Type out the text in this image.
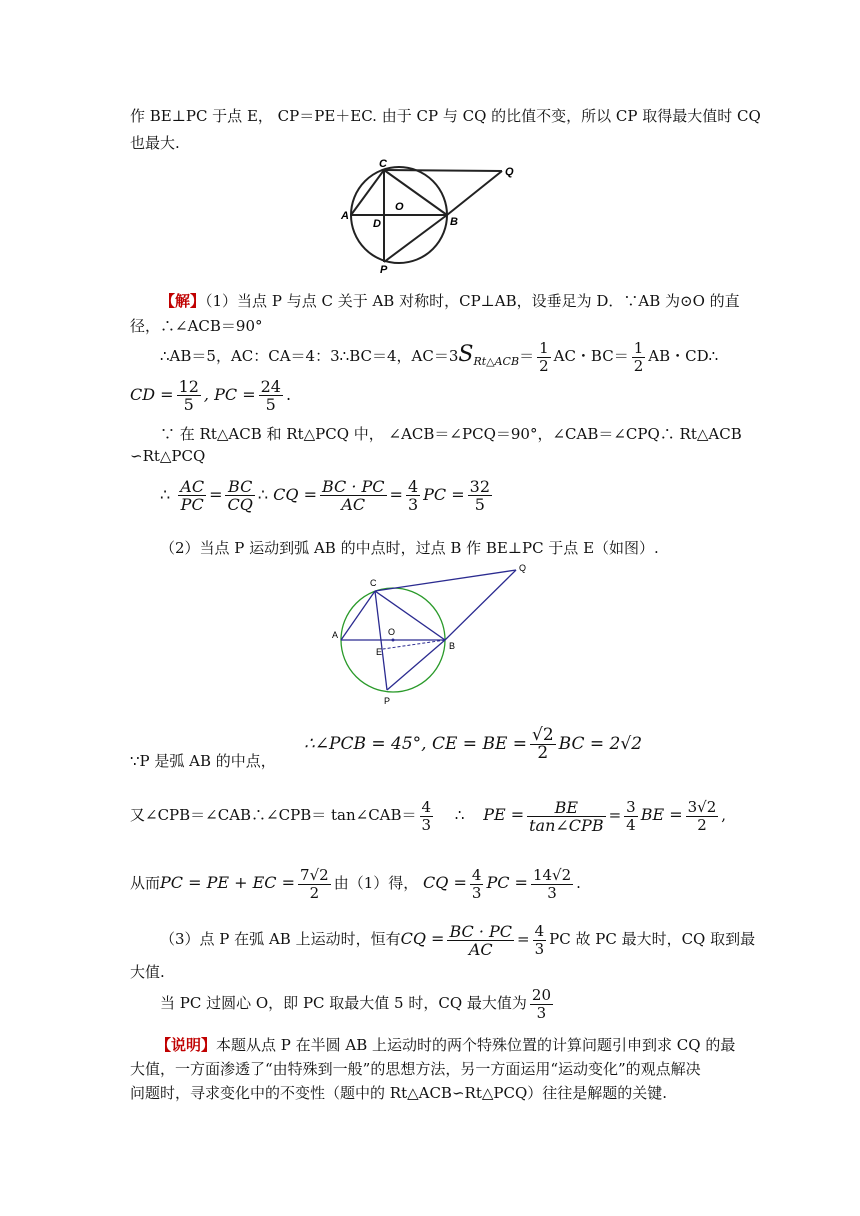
作 BE⊥PC 于点 E， CP＝PE＋EC. 由于 CP 与 CQ 的比值不变，所以 CP 取得最大值时 CQ
也最大.
C
Q
A
O
D	B
P
【解】（1）当点 P 与点 C 关于 AB 对称时，CP⊥AB，设垂足为 D．∵AB 为⊙O 的直
径，∴∠ACB＝90°
∴AB＝5，AC：CA＝4：3∴BC＝4，$AC=3S_{Rt\triangle ACB}= \frac{1}{2}$ AC・$BC= \frac{1}{2}$ AB・CD∴
CD = $\frac{12}{5}$ , PC = $\frac{24}{5}$ .
∵ 在 Rt△ACB 和 Rt△PCQ 中， ∠ACB＝∠PCQ＝90°，∠CAB＝∠CPQ∴ Rt△ACB
∽Rt△PCQ
∴ $\frac{AC}{PC} = \frac{BC}{CQ}$ ∴ CQ = $\frac{BC \cdot PC}{AC} = \frac{4}{3}$ PC = $\frac{32}{5}$
（2）当点 P 运动到弧 AB 的中点时，过点 B 作 BE⊥PC 于点 E（如图）.
C
Q
A	O
E
B
P
∴∠PCB = 45°, CE = BE = $\frac{√2}{2}$ BC = 2√2
∵P 是弧 AB 的中点，
又∠CPB＝∠CAB∴∠CPB＝ tan∠CAB＝ $\frac{4}{3}$ ∴ PE = $\frac{BE}{\text{tan∠CPB}} = \frac{3}{4}$ BE = $\frac{3√2}{2}$ ,
从而PC = PE + EC = $\frac{7√2}{2}$ 由（1）得， CQ = $\frac{4}{3}$ PC = $\frac{14√2}{3}$ .
（3）点 P 在弧 AB 上运动时，恒有CQ = $\frac{BC \cdot PC}{AC} = \frac{4}{3}$ PC 故 PC 最大时，CQ 取到最
大值.
当 PC 过圆心 O，即 PC 取最大值 5 时，CQ 最大值为 $\frac{20}{3}$
【说明】本题从点 P 在半圆 AB 上运动时的两个特殊位置的计算问题引申到求 CQ 的最
大值，一方面渗透了“由特殊到一般”的思想方法，另一方面运用“运动变化”的观点解决
问题时，寻求变化中的不变性（题中的 Rt△ACB∽Rt△PCQ）往往是解题的关键.
